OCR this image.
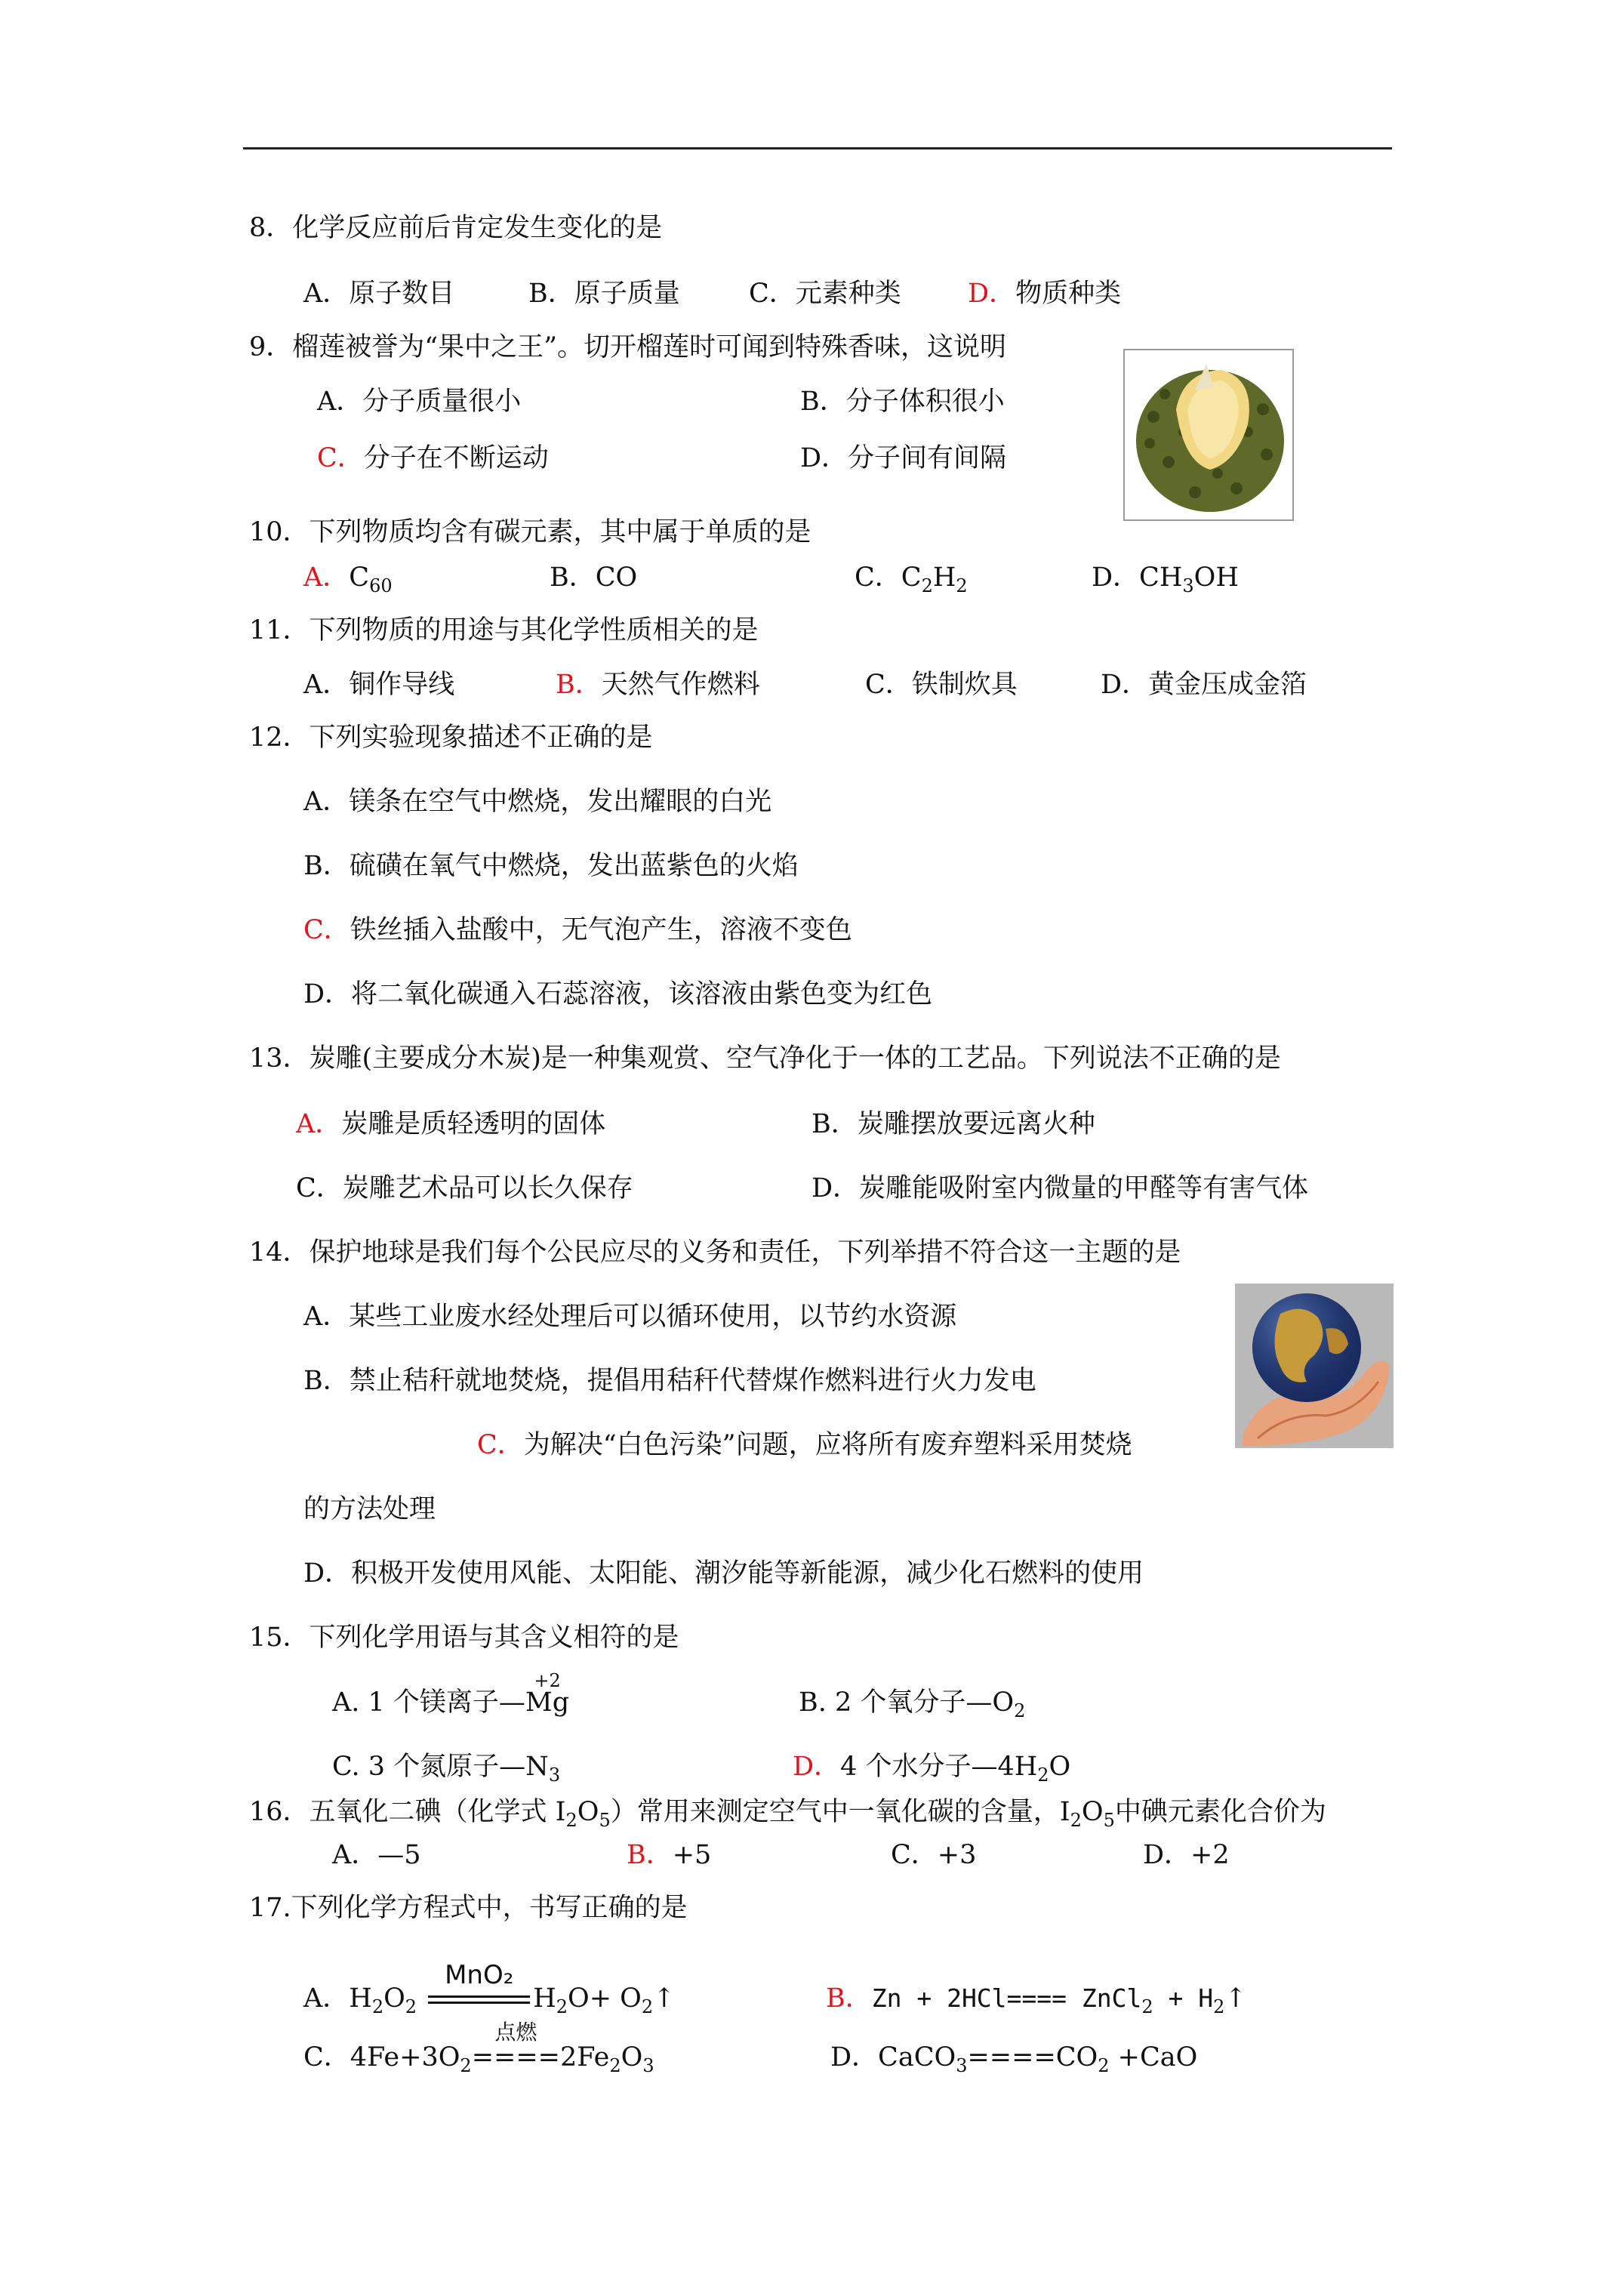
8．化学反应前后肯定发生变化的是
A．原子数目	B．原子质量	C．元素种类	D．物质种类
9．榴莲被誉为“果中之王”。切开榴莲时可闻到特殊香味，这说明
A．分子质量很小	B．分子体积很小
C．分子在不断运动	D．分子间有间隔
10．下列物质均含有碳元素，其中属于单质的是
A．$C_{60}$	B．CO	C．$C_2H_2$	D．$CH_3OH$
11．下列物质的用途与其化学性质相关的是
A．铜作导线	B．天然气作燃料	C．铁制炊具	D．黄金压成金箔
12．下列实验现象描述不正确的是
A．镁条在空气中燃烧，发出耀眼的白光
B．硫磺在氧气中燃烧，发出蓝紫色的火焰
C．铁丝插入盐酸中，无气泡产生，溶液不变色
D．将二氧化碳通入石蕊溶液，该溶液由紫色变为红色
13．炭雕(主要成分木炭)是一种集观赏、空气净化于一体的工艺品。下列说法不正确的是
A．炭雕是质轻透明的固体	B．炭雕摆放要远离火种
C．炭雕艺术品可以长久保存	D．炭雕能吸附室内微量的甲醛等有害气体
14．保护地球是我们每个公民应尽的义务和责任，下列举措不符合这一主题的是
A．某些工业废水经处理后可以循环使用，以节约水资源
B．禁止秸秆就地焚烧，提倡用秸秆代替煤作燃料进行火力发电
C．为解决“白色污染”问题，应将所有废弃塑料采用焚烧
的方法处理
D．积极开发使用风能、太阳能、潮汐能等新能源，减少化石燃料的使用
15．下列化学用语与其含义相符的是
A. 1 个镁离子—
+2
Mg	B. 2 个氧分子$—O_2$
C. 3 个氮原子$—N_3$	D．4 个水分子$—4H_2O$
16．五氧化二碘（化学式 $I_2O_5$）常用来测定空气中一氧化碳的含量，$I_2O_5$中碘元素化合价为
A．—5	B．+5	C．+3	D．+2
17.下列化学方程式中，书写正确的是
A．$H_2O_2$
MnO₂
$H_2O+$ $O_2↑$	B．Zn + 2HCl==== ZnCl$_2$ + $H_2↑$
C．$4Fe+3O_2$
点燃
$====2Fe_2O_3$	D．$CaCO_3====CO_2 +CaO$
